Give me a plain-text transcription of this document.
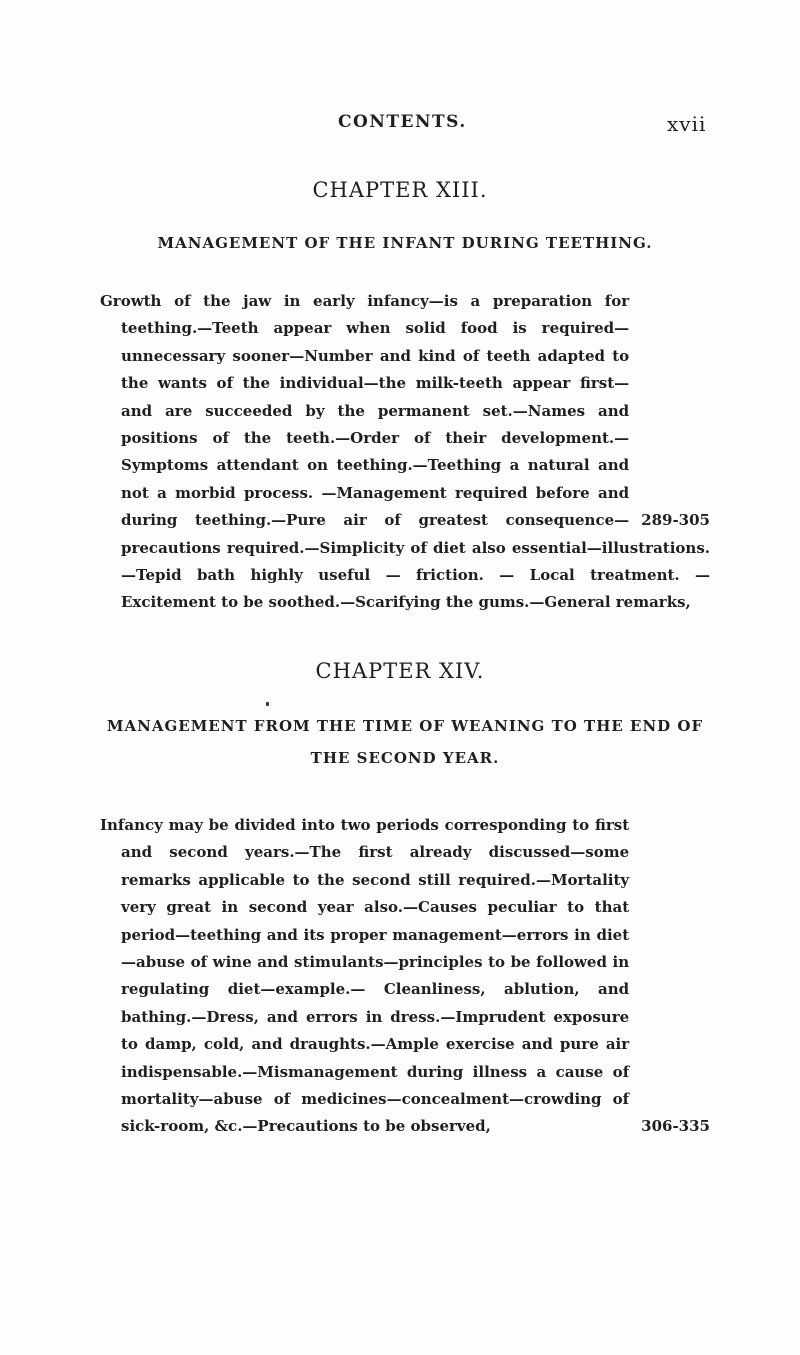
CONTENTS.	xvii
CHAPTER XIII.
MANAGEMENT OF THE INFANT DURING TEETHING.
289-305
Growth of the jaw in early infancy—is a preparation for teething.—Teeth appear when solid food is required—unnecessary sooner—Number and kind of teeth adapted to the wants of the individual—the milk-teeth appear first—and are succeeded by the permanent set.—Names and positions of the teeth.—Order of their development.—Symptoms attendant on teething.—Teething a natural and not a morbid process. —Management required before and during teething.—Pure air of greatest consequence—precautions required.—Simplicity of diet also essential—illustrations.—Tepid bath highly useful — friction. — Local treatment. — Excitement to be soothed.—Scarifying the gums.—General remarks,
CHAPTER XIV.
MANAGEMENT FROM THE TIME OF WEANING TO THE END OF THE SECOND YEAR.
306-335
Infancy may be divided into two periods corresponding to first and second years.—The first already discussed—some remarks applicable to the second still required.—Mortality very great in second year also.—Causes peculiar to that period—teething and its proper management—errors in diet —abuse of wine and stimulants—principles to be followed in regulating diet—example.— Cleanliness, ablution, and bathing.—Dress, and errors in dress.—Imprudent exposure to damp, cold, and draughts.—Ample exercise and pure air indispensable.—Mismanagement during illness a cause of mortality—abuse of medicines—concealment—crowding of sick-room, &c.—Precautions to be observed,
